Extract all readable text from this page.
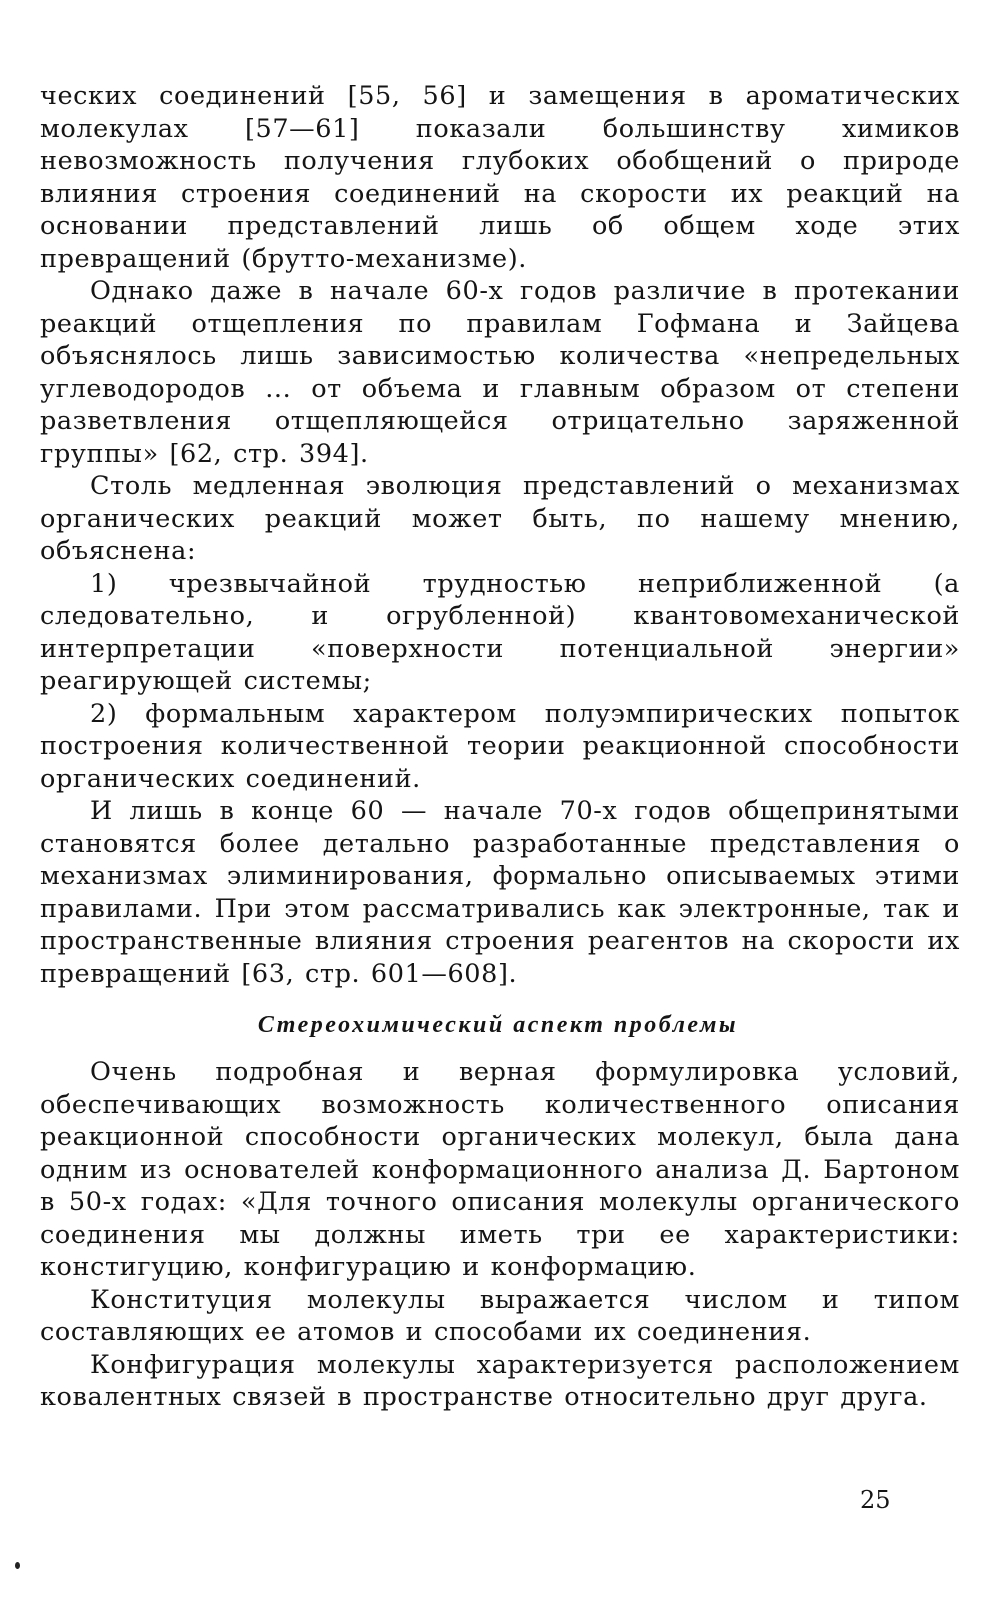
ческих соединений [55, 56] и замещения в ароматических молекулах [57—61] показали большинству химиков невозможность получения глубоких обобщений о природе влияния строения соединений на скорости их реакций на основании представлений лишь об общем ходе этих превращений (брутто-механизме).

Однако даже в начале 60-х годов различие в протекании реакций отщепления по правилам Гофмана и Зайцева объяснялось лишь зависимостью количества «непредельных углеводородов ... от объема и главным образом от степени разветвления отщепляющейся отрицательно заряженной группы» [62, стр. 394].

Столь медленная эволюция представлений о механизмах органических реакций может быть, по нашему мнению, объяснена:

1) чрезвычайной трудностью неприближенной (а следовательно, и огрубленной) квантовомеханической интерпретации «поверхности потенциальной энергии» реагирующей системы;

2) формальным характером полуэмпирических попыток построения количественной теории реакционной способности органических соединений.

И лишь в конце 60 — начале 70-х годов общепринятыми становятся более детально разработанные представления о механизмах элиминирования, формально описываемых этими правилами. При этом рассматривались как электронные, так и пространственные влияния строения реагентов на скорости их превращений [63, стр. 601—608].

Стереохимический аспект проблемы

Очень подробная и верная формулировка условий, обеспечивающих возможность количественного описания реакционной способности органических молекул, была дана одним из основателей конформационного анализа Д. Бартоном в 50-х годах: «Для точного описания молекулы органического соединения мы должны иметь три ее характеристики: констигуцию, конфигурацию и конформацию.

Конституция молекулы выражается числом и типом составляющих ее атомов и способами их соединения.

Конфигурация молекулы характеризуется расположением ковалентных связей в пространстве относительно друг друга.

25
